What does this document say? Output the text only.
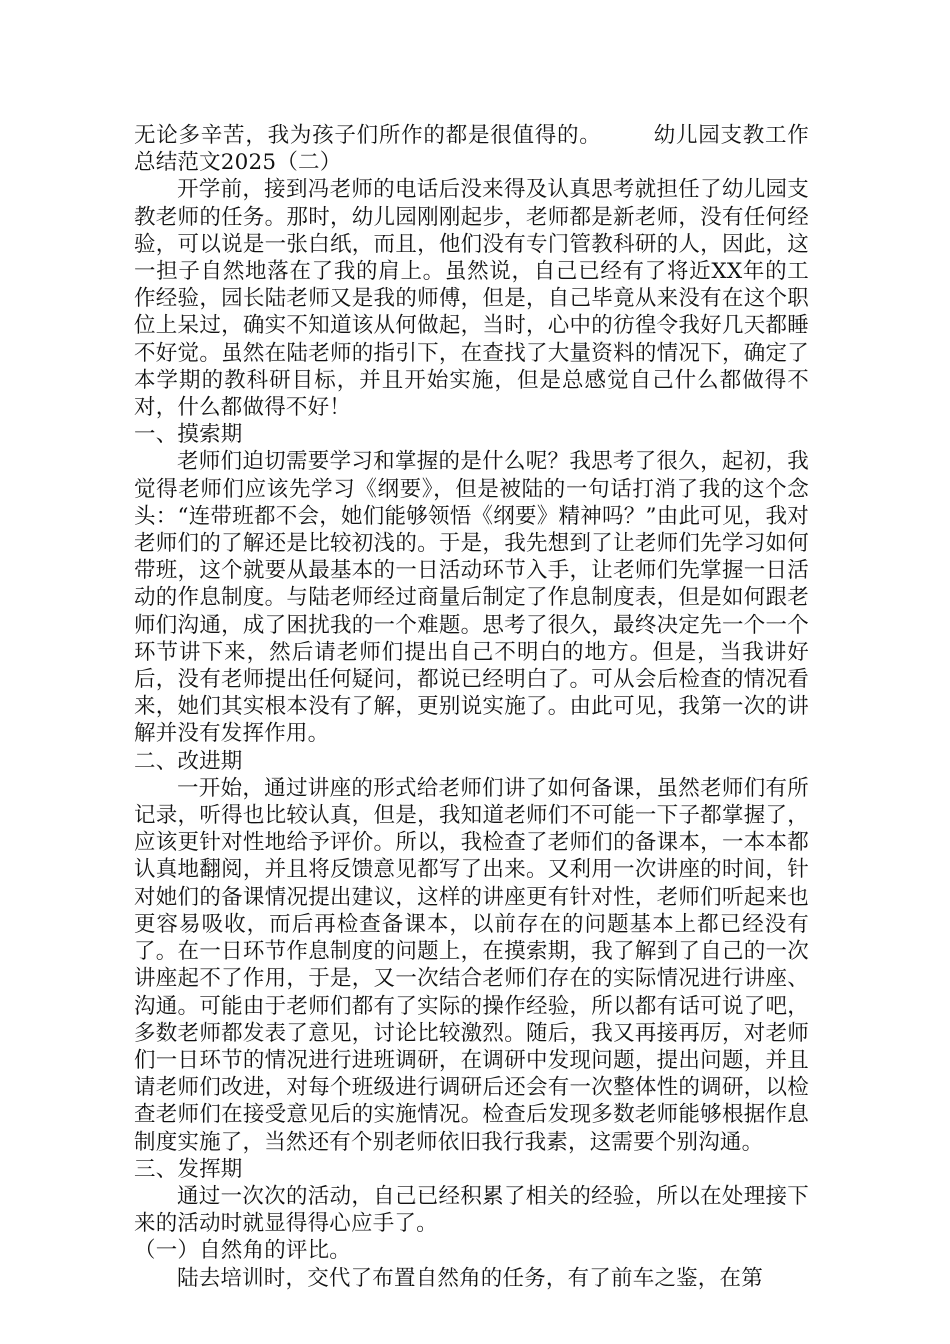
无论多辛苦，我为孩子们所作的都是很值得的。 幼儿园支教工作总结范文2025（二）

开学前，接到冯老师的电话后没来得及认真思考就担任了幼儿园支教老师的任务。那时，幼儿园刚刚起步，老师都是新老师，没有任何经验，可以说是一张白纸，而且，他们没有专门管教科研的人，因此，这一担子自然地落在了我的肩上。虽然说，自己已经有了将近XX年的工作经验，园长陆老师又是我的师傅，但是，自己毕竟从来没有在这个职位上呆过，确实不知道该从何做起，当时，心中的彷徨令我好几天都睡不好觉。虽然在陆老师的指引下，在查找了大量资料的情况下，确定了本学期的教科研目标，并且开始实施，但是总感觉自己什么都做得不对，什么都做得不好！

一、摸索期

老师们迫切需要学习和掌握的是什么呢？我思考了很久，起初，我觉得老师们应该先学习《纲要》，但是被陆的一句话打消了我的这个念头：“连带班都不会，她们能够领悟《纲要》精神吗？”由此可见，我对老师们的了解还是比较初浅的。于是，我先想到了让老师们先学习如何带班，这个就要从最基本的一日活动环节入手，让老师们先掌握一日活动的作息制度。与陆老师经过商量后制定了作息制度表，但是如何跟老师们沟通，成了困扰我的一个难题。思考了很久，最终决定先一个一个环节讲下来，然后请老师们提出自己不明白的地方。但是，当我讲好后，没有老师提出任何疑问，都说已经明白了。可从会后检查的情况看来，她们其实根本没有了解，更别说实施了。由此可见，我第一次的讲解并没有发挥作用。

二、改进期

一开始，通过讲座的形式给老师们讲了如何备课，虽然老师们有所记录，听得也比较认真，但是，我知道老师们不可能一下子都掌握了，应该更针对性地给予评价。所以，我检查了老师们的备课本，一本本都认真地翻阅，并且将反馈意见都写了出来。又利用一次讲座的时间，针对她们的备课情况提出建议，这样的讲座更有针对性，老师们听起来也更容易吸收，而后再检查备课本，以前存在的问题基本上都已经没有了。在一日环节作息制度的问题上，在摸索期，我了解到了自己的一次讲座起不了作用，于是，又一次结合老师们存在的实际情况进行讲座、沟通。可能由于老师们都有了实际的操作经验，所以都有话可说了吧，多数老师都发表了意见，讨论比较激烈。随后，我又再接再厉，对老师们一日环节的情况进行进班调研，在调研中发现问题，提出问题，并且请老师们改进，对每个班级进行调研后还会有一次整体性的调研，以检查老师们在接受意见后的实施情况。检查后发现多数老师能够根据作息制度实施了，当然还有个别老师依旧我行我素，这需要个别沟通。

三、发挥期

通过一次次的活动，自己已经积累了相关的经验，所以在处理接下来的活动时就显得得心应手了。

（一）自然角的评比。

陆去培训时，交代了布置自然角的任务，有了前车之鉴，在第
